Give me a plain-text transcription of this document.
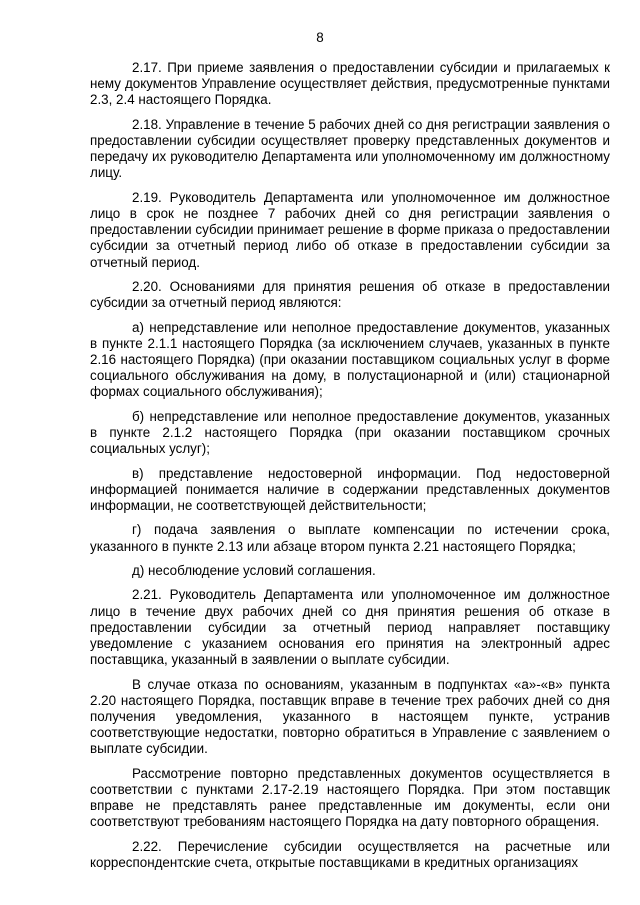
8

2.17. При приеме заявления о предоставлении субсидии и прилагаемых к нему документов Управление осуществляет действия, предусмотренные пунктами 2.3, 2.4 настоящего Порядка.

2.18. Управление в течение 5 рабочих дней со дня регистрации заявления о предоставлении субсидии осуществляет проверку представленных документов и передачу их руководителю Департамента или уполномоченному им должностному лицу.

2.19. Руководитель Департамента или уполномоченное им должностное лицо в срок не позднее 7 рабочих дней со дня регистрации заявления о предоставлении субсидии принимает решение в форме приказа о предоставлении субсидии за отчетный период либо об отказе в предоставлении субсидии за отчетный период.

2.20. Основаниями для принятия решения об отказе в предоставлении субсидии за отчетный период являются:

а) непредставление или неполное предоставление документов, указанных в пункте 2.1.1 настоящего Порядка (за исключением случаев, указанных в пункте 2.16 настоящего Порядка) (при оказании поставщиком социальных услуг в форме социального обслуживания на дому, в полустационарной и (или) стационарной формах социального обслуживания);

б) непредставление или неполное предоставление документов, указанных в пункте 2.1.2 настоящего Порядка (при оказании поставщиком срочных социальных услуг);

в) представление недостоверной информации. Под недостоверной информацией понимается наличие в содержании представленных документов информации, не соответствующей действительности;

г) подача заявления о выплате компенсации по истечении срока, указанного в пункте 2.13 или абзаце втором пункта 2.21 настоящего Порядка;

д) несоблюдение условий соглашения.

2.21. Руководитель Департамента или уполномоченное им должностное лицо в течение двух рабочих дней со дня принятия решения об отказе в предоставлении субсидии за отчетный период направляет поставщику уведомление с указанием основания его принятия на электронный адрес поставщика, указанный в заявлении о выплате субсидии.

В случае отказа по основаниям, указанным в подпунктах «а»-«в» пункта 2.20 настоящего Порядка, поставщик вправе в течение трех рабочих дней со дня получения уведомления, указанного в настоящем пункте, устранив соответствующие недостатки, повторно обратиться в Управление с заявлением о выплате субсидии.

Рассмотрение повторно представленных документов осуществляется в соответствии с пунктами 2.17-2.19 настоящего Порядка. При этом поставщик вправе не представлять ранее представленные им документы, если они соответствуют требованиям настоящего Порядка на дату повторного обращения.

2.22. Перечисление субсидии осуществляется на расчетные или корреспондентские счета, открытые поставщиками в кредитных организациях
